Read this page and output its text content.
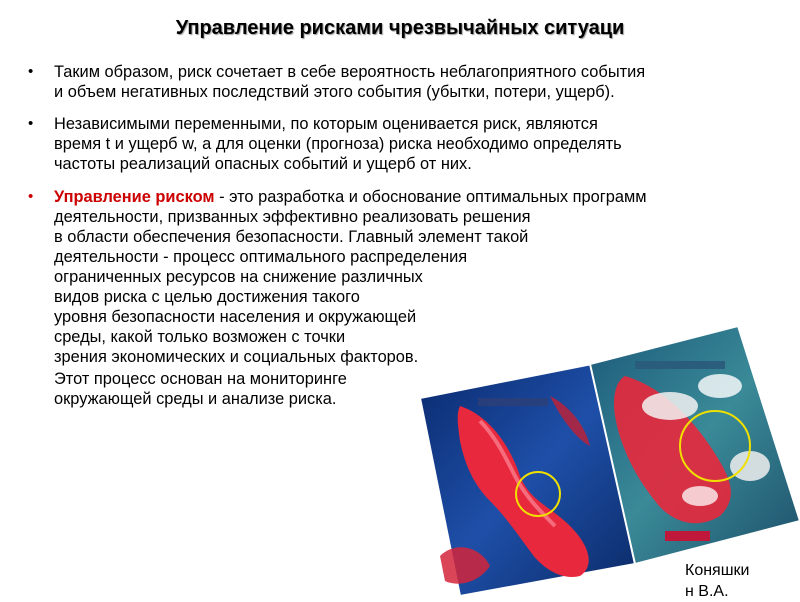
Управление рисками чрезвычайных ситуаци
• Таким образом, риск сочетает в себе вероятность неблагоприятного события
и объем негативных последствий этого события (убытки, потери, ущерб).
• Независимыми переменными, по которым оценивается риск, являются
время t и ущерб w, а для оценки (прогноза) риска необходимо определять
частоты реализаций опасных событий и ущерб от них.
• Управление риском - это разработка и обоснование оптимальных программ
деятельности, призванных эффективно реализовать решения
в области обеспечения безопасности. Главный элемент такой
деятельности - процесс оптимального распределения
ограниченных ресурсов на снижение различных
видов риска с целью достижения такого
уровня безопасности населения и окружающей
среды, какой только возможен с точки
зрения экономических и социальных факторов.
Этот процесс основан на мониторинге
окружающей среды и анализе риска.
Коняшки
н В.А.
